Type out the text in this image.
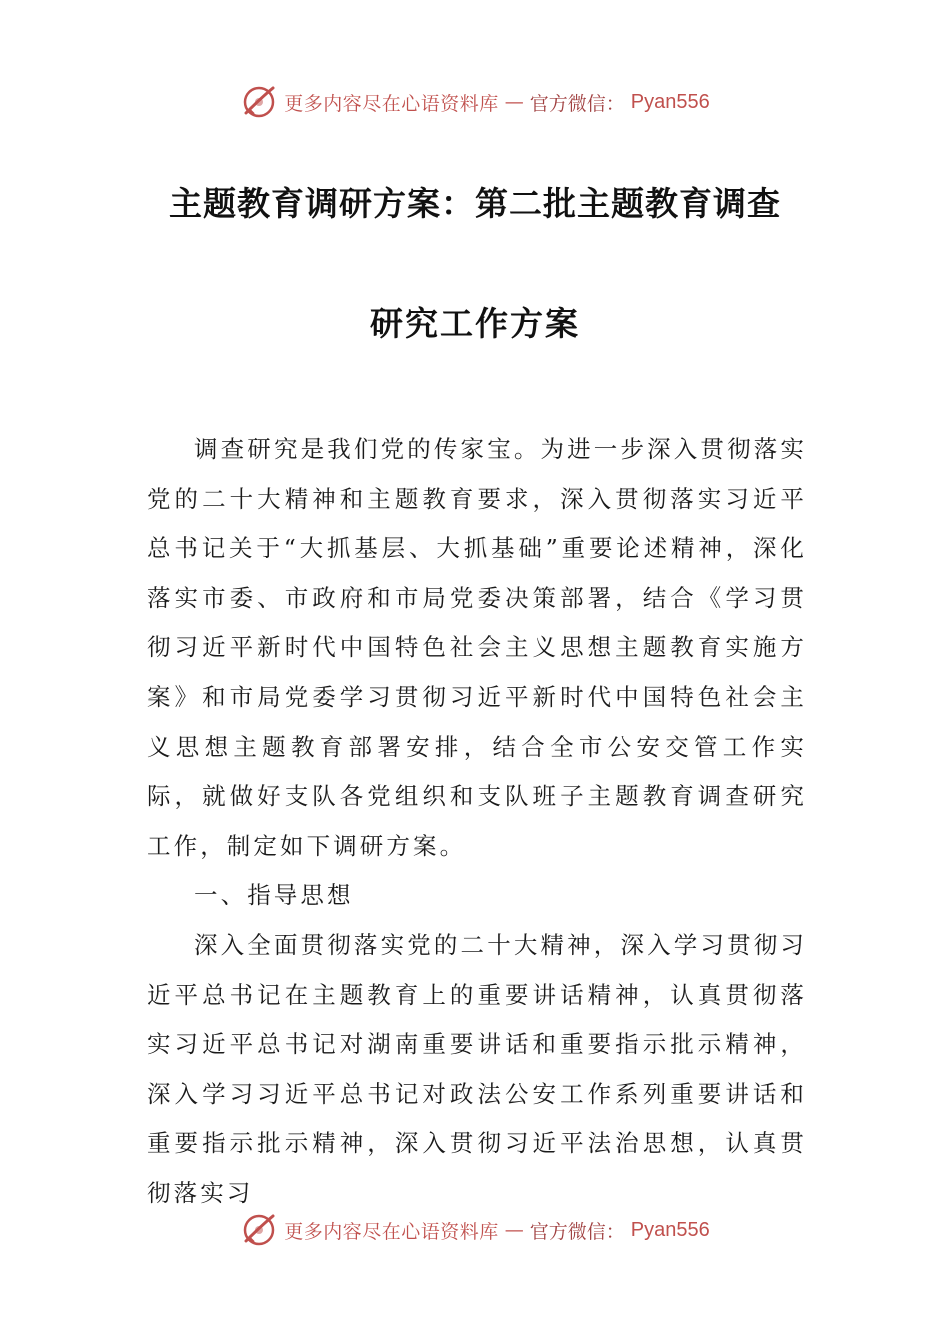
更多内容尽在心语资料库 — 官方微信： Pyan556
主题教育调研方案：第二批主题教育调查
研究工作方案

调查研究是我们党的传家宝。为进一步深入贯彻落实党的二十大精神和主题教育要求，深入贯彻落实习近平总书记关于“大抓基层、大抓基础”重要论述精神，深化落实市委、市政府和市局党委决策部署，结合《学习贯彻习近平新时代中国特色社会主义思想主题教育实施方案》和市局党委学习贯彻习近平新时代中国特色社会主义思想主题教育部署安排，结合全市公安交管工作实际，就做好支队各党组织和支队班子主题教育调查研究工作，制定如下调研方案。

一、指导思想

深入全面贯彻落实党的二十大精神，深入学习贯彻习近平总书记在主题教育上的重要讲话精神，认真贯彻落实习近平总书记对湖南重要讲话和重要指示批示精神，深入学习习近平总书记对政法公安工作系列重要讲话和重要指示批示精神，深入贯彻习近平法治思想，认真贯彻落实习

更多内容尽在心语资料库 — 官方微信： Pyan556
